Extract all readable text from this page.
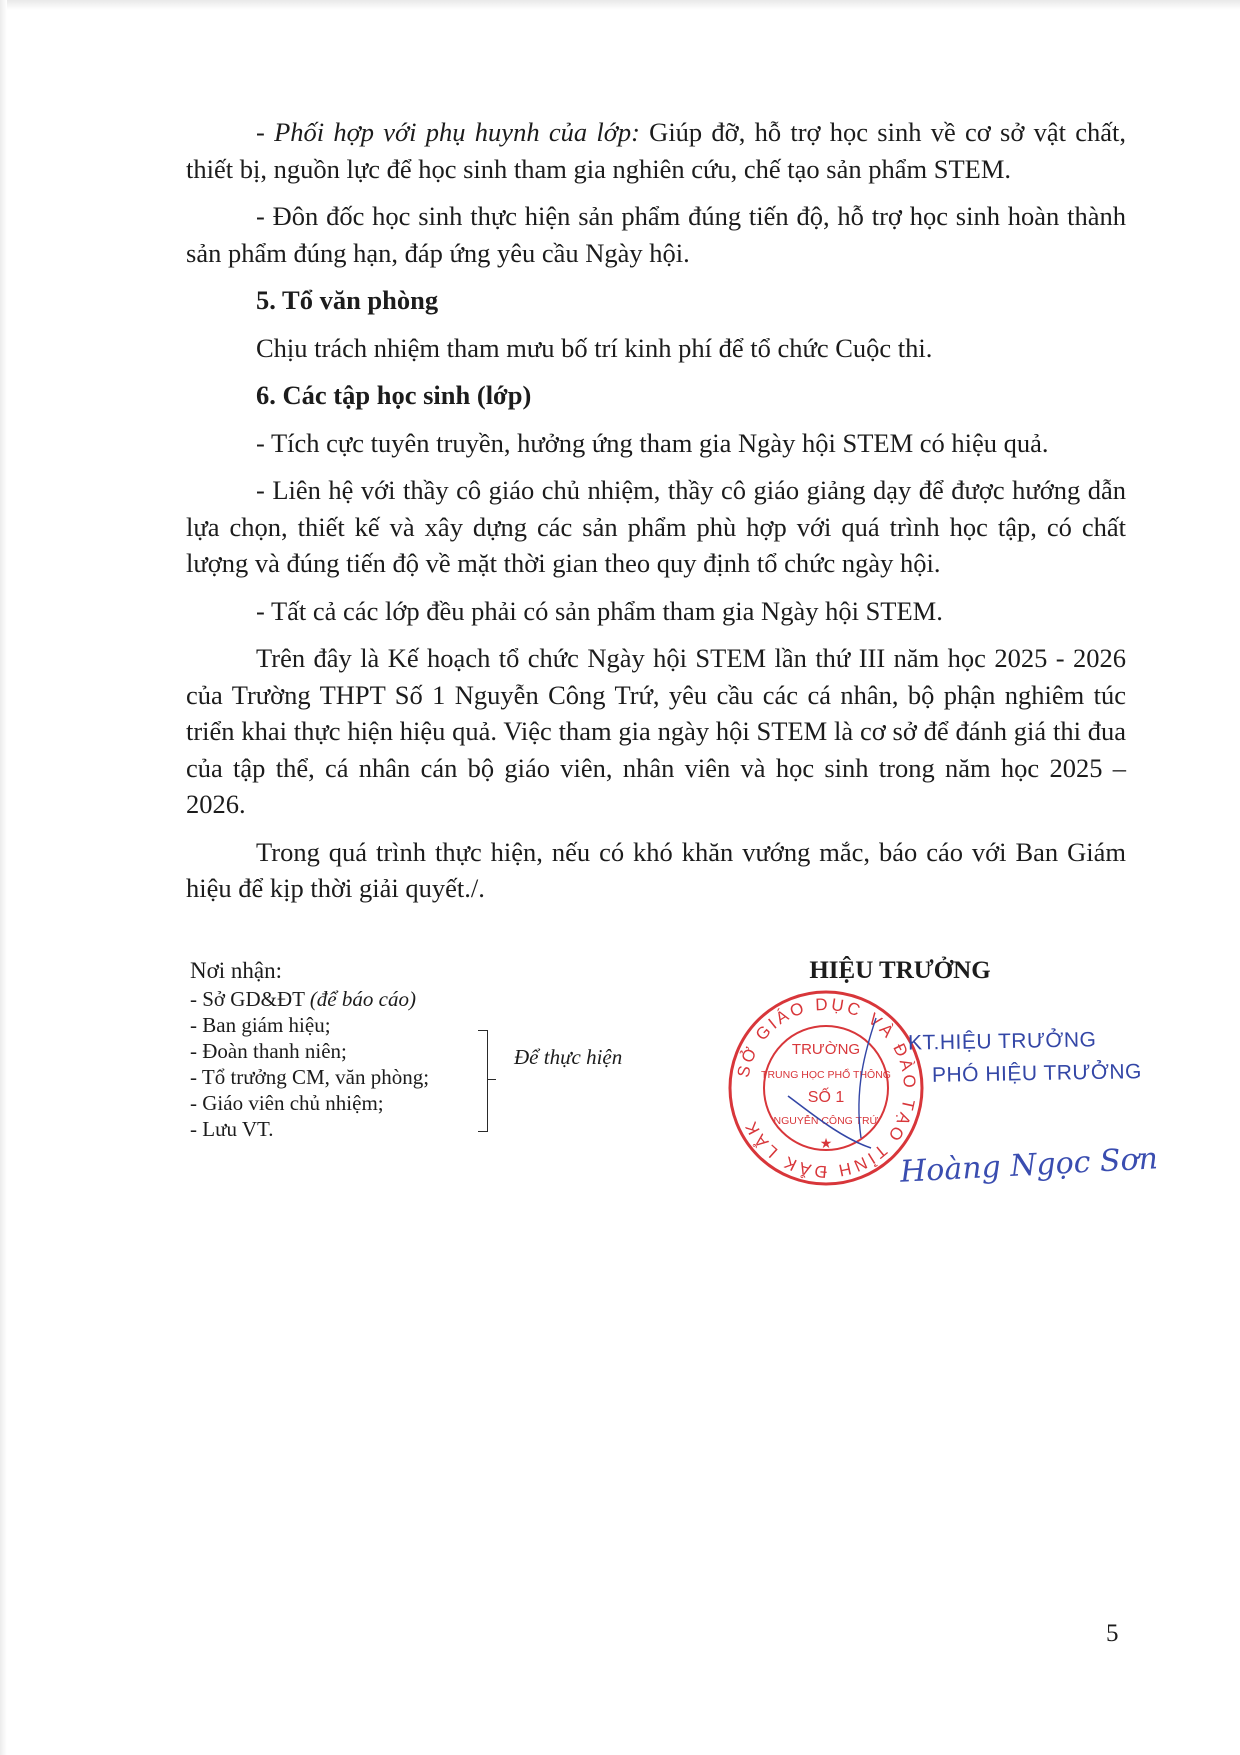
- Phối hợp với phụ huynh của lớp: Giúp đỡ, hỗ trợ học sinh về cơ sở vật chất, thiết bị, nguồn lực để học sinh tham gia nghiên cứu, chế tạo sản phẩm STEM.

- Đôn đốc học sinh thực hiện sản phẩm đúng tiến độ, hỗ trợ học sinh hoàn thành sản phẩm đúng hạn, đáp ứng yêu cầu Ngày hội.

5. Tổ văn phòng

Chịu trách nhiệm tham mưu bố trí kinh phí để tổ chức Cuộc thi.

6. Các tập học sinh (lớp)

- Tích cực tuyên truyền, hưởng ứng tham gia Ngày hội STEM có hiệu quả.

- Liên hệ với thầy cô giáo chủ nhiệm, thầy cô giáo giảng dạy để được hướng dẫn lựa chọn, thiết kế và xây dựng các sản phẩm phù hợp với quá trình học tập, có chất lượng và đúng tiến độ về mặt thời gian theo quy định tổ chức ngày hội.

- Tất cả các lớp đều phải có sản phẩm tham gia Ngày hội STEM.

Trên đây là Kế hoạch tổ chức Ngày hội STEM lần thứ III năm học 2025 - 2026 của Trường THPT Số 1 Nguyễn Công Trứ, yêu cầu các cá nhân, bộ phận nghiêm túc triển khai thực hiện hiệu quả. Việc tham gia ngày hội STEM là cơ sở để đánh giá thi đua của tập thể, cá nhân cán bộ giáo viên, nhân viên và học sinh trong năm học 2025 – 2026.

Trong quá trình thực hiện, nếu có khó khăn vướng mắc, báo cáo với Ban Giám hiệu để kịp thời giải quyết./.

Nơi nhận:
- Sở GD&ĐT (để báo cáo)
- Ban giám hiệu;
- Đoàn thanh niên;
- Tổ trưởng CM, văn phòng;
- Giáo viên chủ nhiệm;
- Lưu VT.
Để thực hiện
HIỆU TRƯỞNG
SỞ GIÁO DỤC VÀ ĐÀO TẠO TỈNH ĐẮK LẮK
TRƯỜNG
TRUNG HỌC PHỔ THÔNG
SỐ 1
NGUYỄN CÔNG TRỨ
★
KT.HIỆU TRƯỞNG
PHÓ HIỆU TRƯỞNG
Hoàng Ngọc Sơn
5
